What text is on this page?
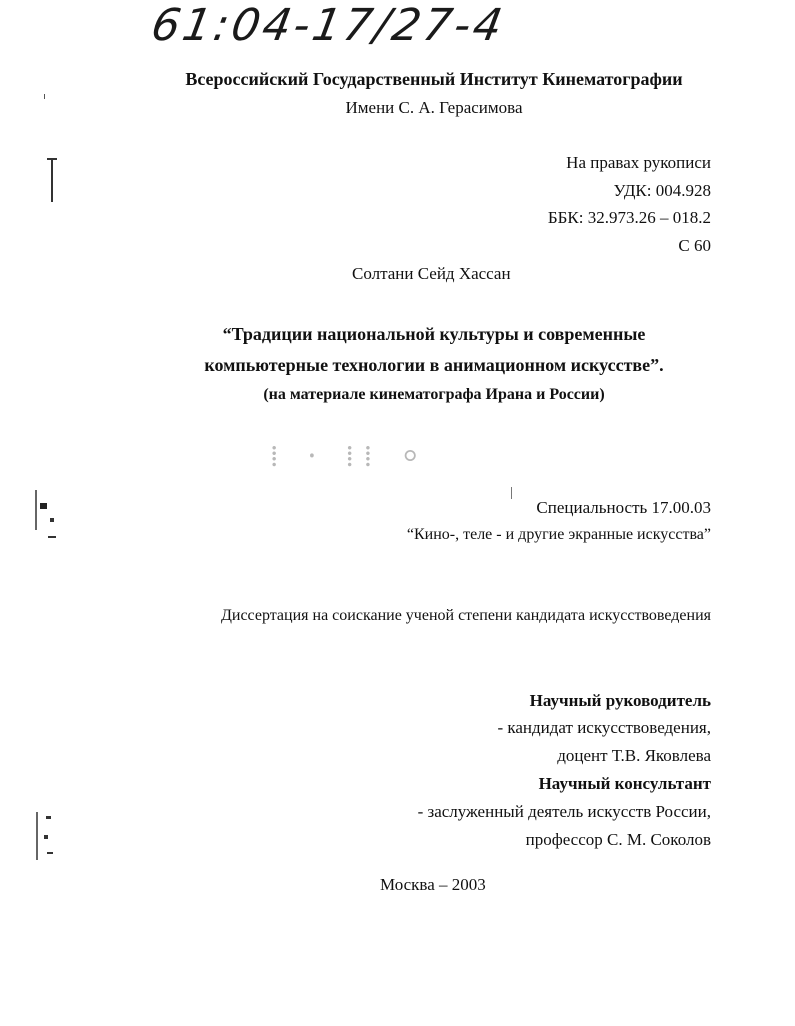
61:04-17/27-4
Всероссийский Государственный Институт Кинематографии
Имени С. А. Герасимова
На правах рукописи
УДК: 004.928
ББК: 32.973.26 – 018.2
С 60
Солтани Сейд Хассан
“Традиции национальной культуры и современные
компьютерные технологии в анимационном искусстве”.
(на материале кинематографа Ирана и России)
Специальность 17.00.03
“Кино-, теле - и другие экранные искусства”
Диссертация на соискание ученой степени кандидата искусствоведения
Научный руководитель
- кандидат искусствоведения,
доцент Т.В. Яковлева
Научный консультант
- заслуженный деятель искусств России,
профессор С. М. Соколов
Москва – 2003
⁞ ⸱ ⁞⁞ ⸰
